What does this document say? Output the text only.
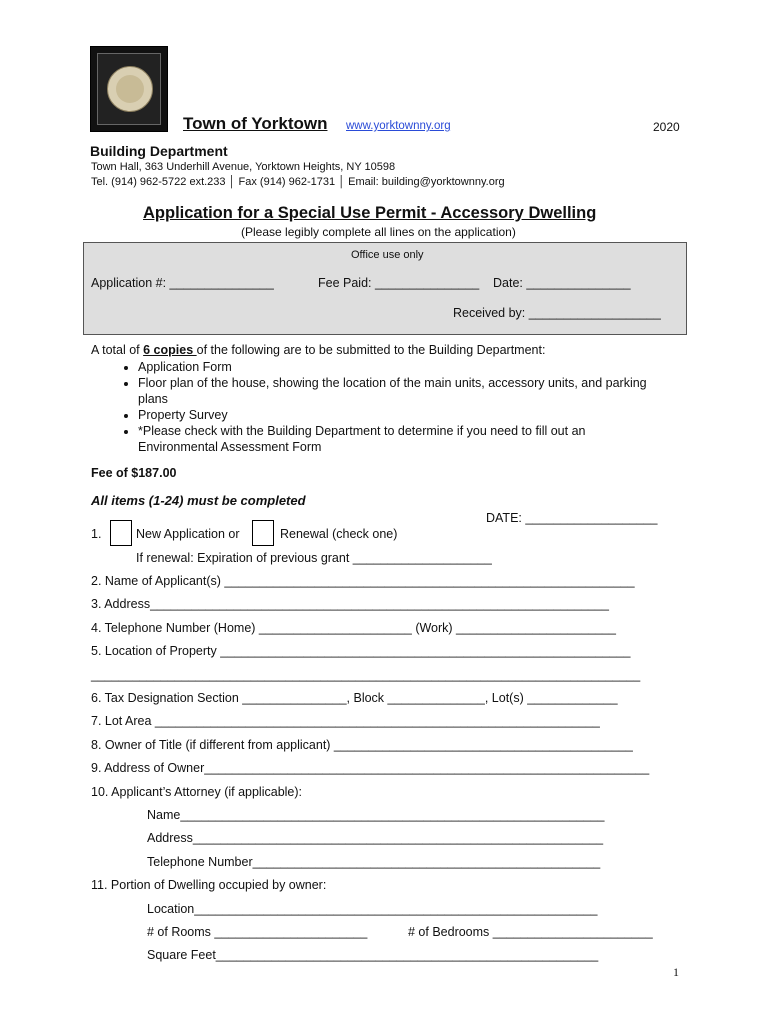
Town of Yorktown www.yorktownny.org	2020
Building Department
Town Hall, 363 Underhill Avenue, Yorktown Heights, NY 10598
Tel. (914) 962-5722 ext.233 │ Fax (914) 962-1731 │ Email: building@yorktownny.org
Application for a Special Use Permit - Accessory Dwelling
(Please legibly complete all lines on the application)
Office use only
Application #: _______________	Fee Paid: _______________ Date: _______________
Received by: ___________________
A total of 6 copies of the following are to be submitted to the Building Department:
• Application Form
• Floor plan of the house, showing the location of the main units, accessory units, and parking plans
• Property Survey
• *Please check with the Building Department to determine if you need to fill out an Environmental Assessment Form
Fee of $187.00
All items (1-24) must be completed
DATE: ___________________
1.	New Application or	Renewal (check one)
If renewal: Expiration of previous grant ____________________
2. Name of Applicant(s) ___________________________________________________________
3. Address__________________________________________________________________
4. Telephone Number (Home) ______________________ (Work) _______________________
5. Location of Property ___________________________________________________________
_______________________________________________________________________________
6. Tax Designation Section _______________, Block ______________, Lot(s) _____________
7. Lot Area ________________________________________________________________
8. Owner of Title (if different from applicant) ___________________________________________
9. Address of Owner________________________________________________________________
10. Applicant’s Attorney (if applicable):
Name_____________________________________________________________
Address___________________________________________________________
Telephone Number__________________________________________________
11. Portion of Dwelling occupied by owner:
Location__________________________________________________________
# of Rooms ______________________	# of Bedrooms _______________________
Square Feet_______________________________________________________
1
